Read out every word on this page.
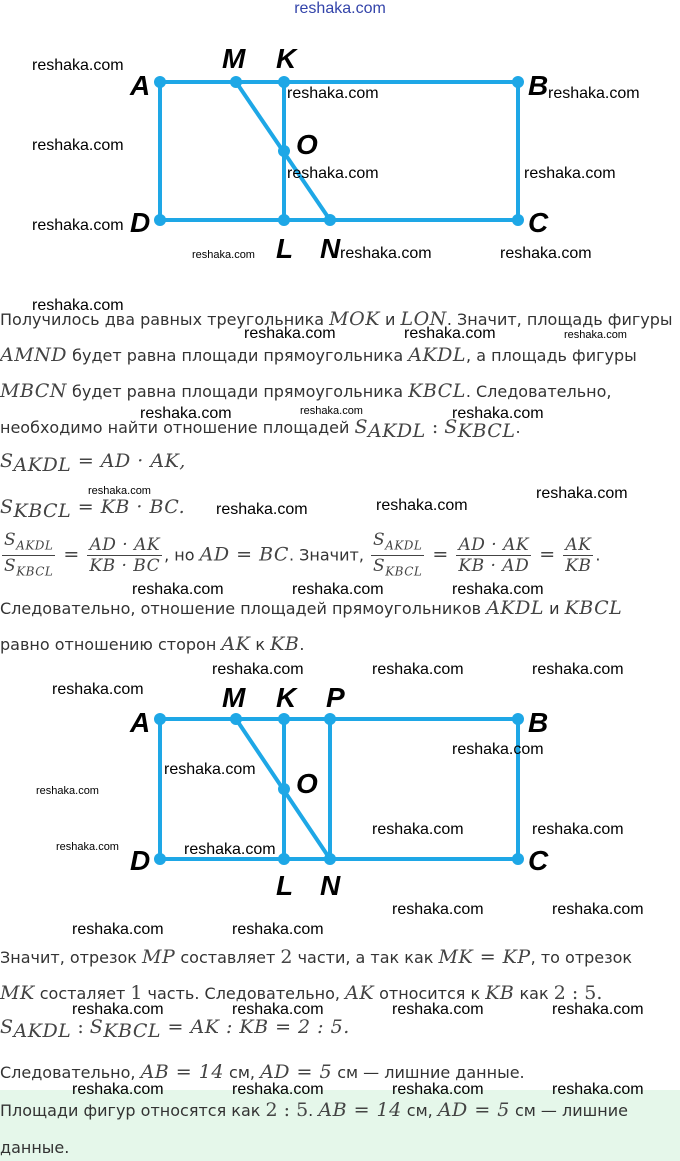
reshaka.com
A
M K
B
O
D
L N
C
A
M K P
B
O
D
L N
C
Получилось два равных треугольника MOK и LON. Значит, площадь фигуры
AMND будет равна площади прямоугольника AKDL, а площадь фигуры
MBCN будет равна площади прямоугольника KBCL. Следовательно,
необходимо найти отношение площадей $S_{AKDL}$ : $S_{KBCL}$.
$S_{AKDL}$ = AD · AK,
$S_{KBCL}$ = KB · BC.
$\frac{S_{AKDL}}{S_{KBCL}} = \frac{AD \cdot AK}{KB \cdot BC}$ , но AD = BC. Значит, $\frac{S_{AKDL}}{S_{KBCL}} = \frac{AD \cdot AK}{KB \cdot AD} = \frac{AK}{KB}$ .
Следовательно, отношение площадей прямоугольников AKDL и KBCL
равно отношению сторон AK к KB.
Значит, отрезок MP составляет 2 части, а так как MK = KP, то отрезок
MK состаляет 1 часть. Следовательно, AK относится к KB как 2 : 5.
$S_{AKDL}$ : $S_{KBCL}$ = AK : KB = 2 : 5.
Следовательно, AB = 14 см, AD = 5 см — лишние данные.
Площади фигур относятся как 2 : 5. AB = 14 см, AD = 5 см — лишние
данные.
reshaka.com
reshaka.com	reshaka.com
reshaka.com
reshaka.com	reshaka.com
reshaka.com
reshaka.com	reshaka.com	reshaka.com
reshaka.com
reshaka.com	reshaka.com	reshaka.com
reshaka.com	reshaka.com	reshaka.com
reshaka.com	reshaka.com
reshaka.com	reshaka.com
reshaka.com	reshaka.com	reshaka.com
reshaka.com	reshaka.com	reshaka.com
reshaka.com
reshaka.com
reshaka.com
reshaka.com
reshaka.com	reshaka.com
reshaka.com	reshaka.com
reshaka.com	reshaka.com
reshaka.com	reshaka.com
reshaka.com	reshaka.com	reshaka.com	reshaka.com
reshaka.com	reshaka.com	reshaka.com	reshaka.com
